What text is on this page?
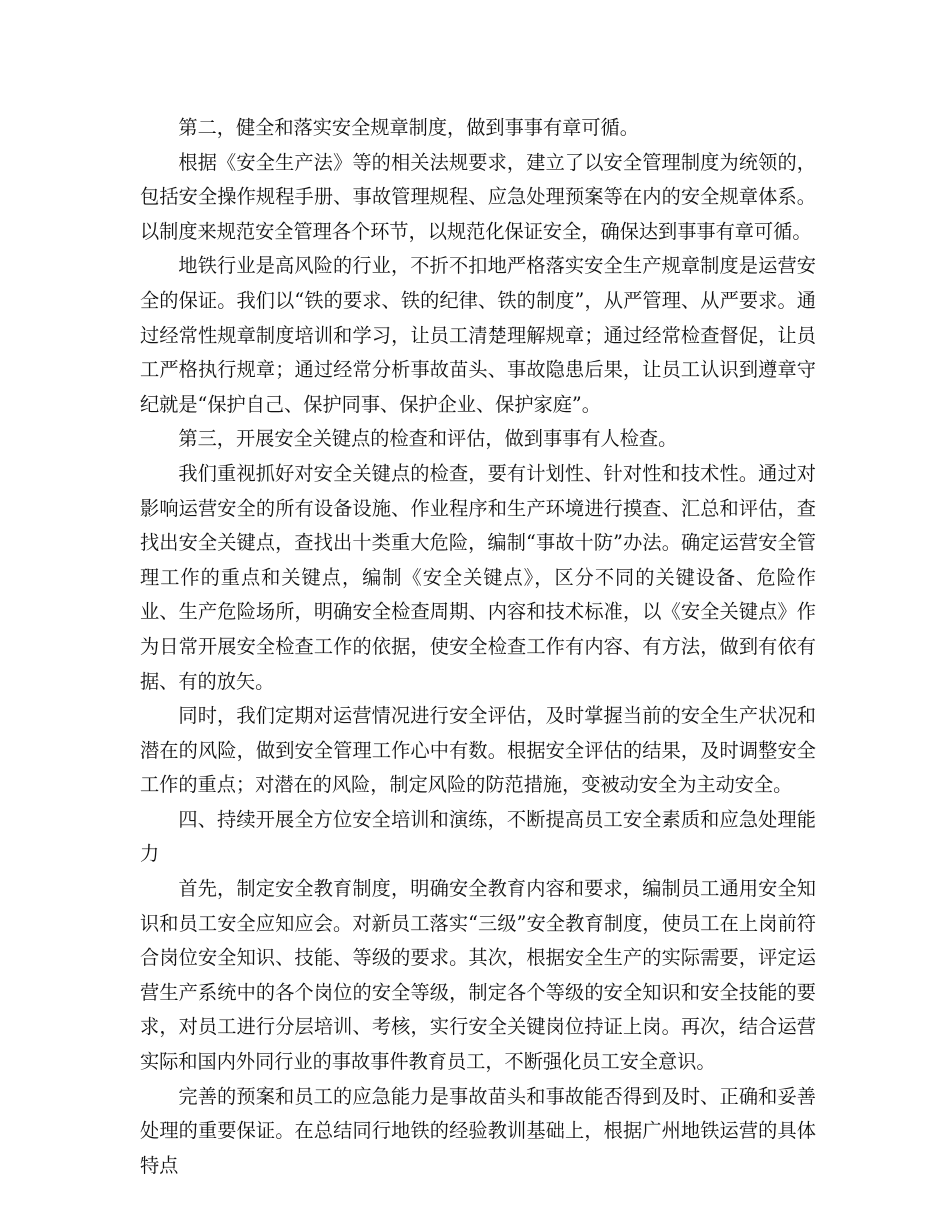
第二，健全和落实安全规章制度，做到事事有章可循。

根据《安全生产法》等的相关法规要求，建立了以安全管理制度为统领的，包括安全操作规程手册、事故管理规程、应急处理预案等在内的安全规章体系。以制度来规范安全管理各个环节，以规范化保证安全，确保达到事事有章可循。

地铁行业是高风险的行业，不折不扣地严格落实安全生产规章制度是运营安全的保证。我们以“铁的要求、铁的纪律、铁的制度”，从严管理、从严要求。通过经常性规章制度培训和学习，让员工清楚理解规章；通过经常检查督促，让员工严格执行规章；通过经常分析事故苗头、事故隐患后果，让员工认识到遵章守纪就是“保护自己、保护同事、保护企业、保护家庭”。

第三，开展安全关键点的检查和评估，做到事事有人检查。

我们重视抓好对安全关键点的检查，要有计划性、针对性和技术性。通过对影响运营安全的所有设备设施、作业程序和生产环境进行摸查、汇总和评估，查找出安全关键点，查找出十类重大危险，编制“事故十防”办法。确定运营安全管理工作的重点和关键点，编制《安全关键点》，区分不同的关键设备、危险作业、生产危险场所，明确安全检查周期、内容和技术标准，以《安全关键点》作为日常开展安全检查工作的依据，使安全检查工作有内容、有方法，做到有依有据、有的放矢。

同时，我们定期对运营情况进行安全评估，及时掌握当前的安全生产状况和潜在的风险，做到安全管理工作心中有数。根据安全评估的结果，及时调整安全工作的重点；对潜在的风险，制定风险的防范措施，变被动安全为主动安全。

四、持续开展全方位安全培训和演练，不断提高员工安全素质和应急处理能力

首先，制定安全教育制度，明确安全教育内容和要求，编制员工通用安全知识和员工安全应知应会。对新员工落实“三级”安全教育制度，使员工在上岗前符合岗位安全知识、技能、等级的要求。其次，根据安全生产的实际需要，评定运营生产系统中的各个岗位的安全等级，制定各个等级的安全知识和安全技能的要求，对员工进行分层培训、考核，实行安全关键岗位持证上岗。再次，结合运营实际和国内外同行业的事故事件教育员工，不断强化员工安全意识。

完善的预案和员工的应急能力是事故苗头和事故能否得到及时、正确和妥善处理的重要保证。在总结同行地铁的经验教训基础上，根据广州地铁运营的具体特点
